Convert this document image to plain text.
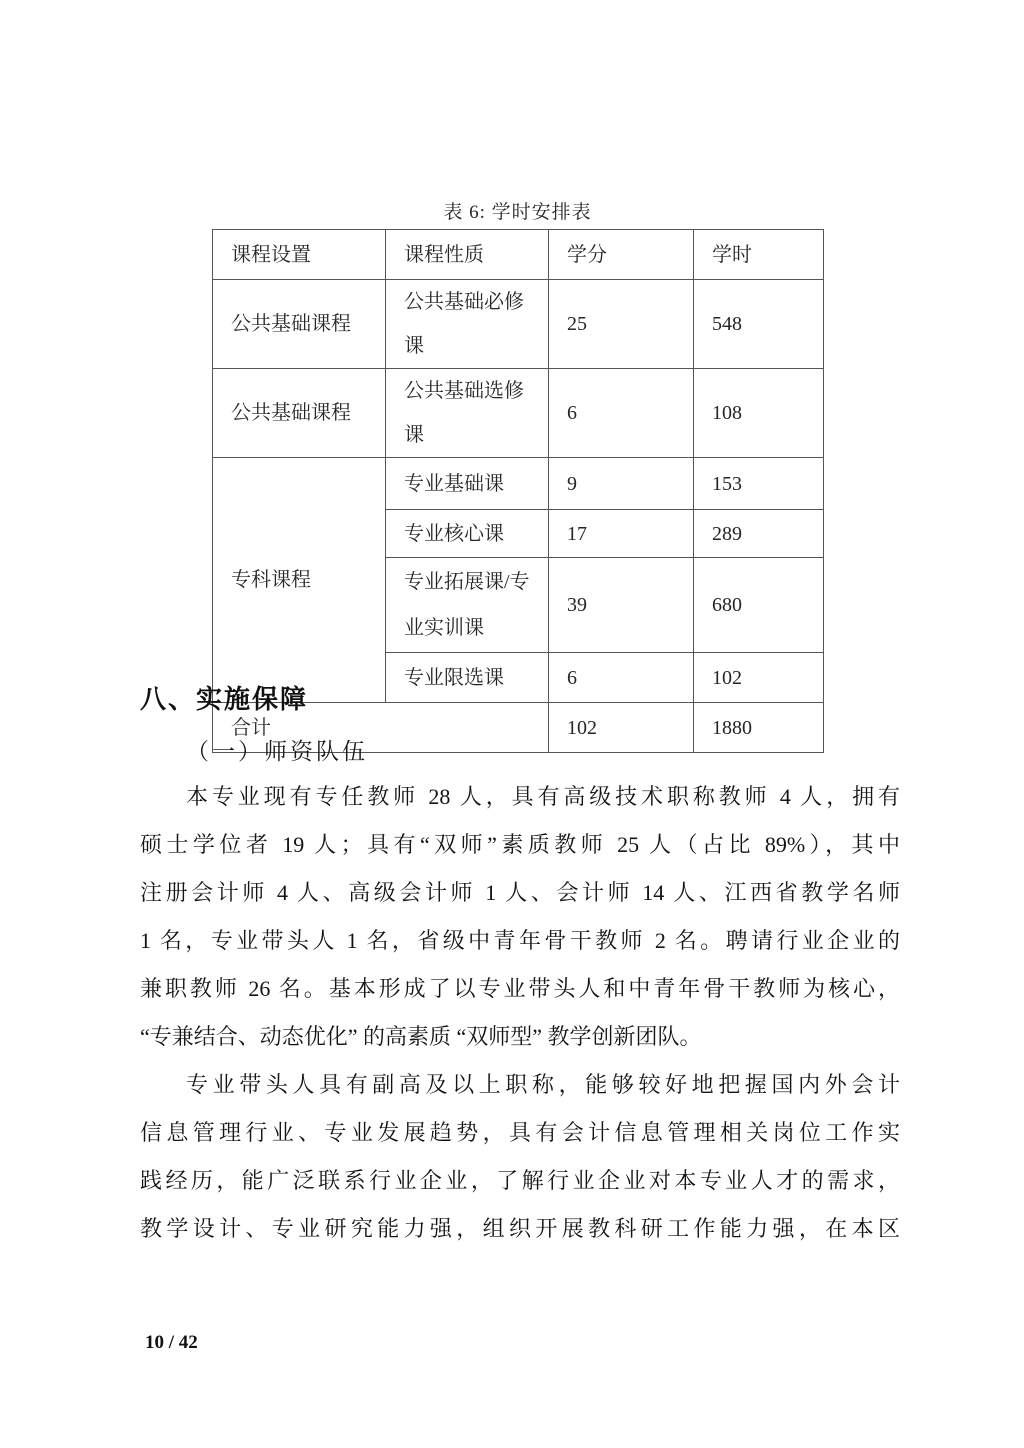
表 6: 学时安排表
课程设置	课程性质	学分	学时
公共基础课程	公共基础必修课	25	548
公共基础课程	公共基础选修课	6	108
专科课程	专业基础课	9	153
	专业核心课	17	289
	专业拓展课/专业实训课	39	680
	专业限选课	6	102
合计		102	1880
八、实施保障
（一）师资队伍
本专业现有专任教师 28 人，具有高级技术职称教师 4 人，拥有
硕士学位者 19 人；具有“双师”素质教师 25 人（占比 89%），其中
注册会计师 4 人、高级会计师 1 人、会计师 14 人、江西省教学名师
1 名，专业带头人 1 名，省级中青年骨干教师 2 名。聘请行业企业的
兼职教师 26 名。基本形成了以专业带头人和中青年骨干教师为核心，
“专兼结合、动态优化” 的高素质 “双师型” 教学创新团队。
专业带头人具有副高及以上职称，能够较好地把握国内外会计
信息管理行业、专业发展趋势，具有会计信息管理相关岗位工作实
践经历，能广泛联系行业企业，了解行业企业对本专业人才的需求，
教学设计、专业研究能力强，组织开展教科研工作能力强，在本区
10 / 42
